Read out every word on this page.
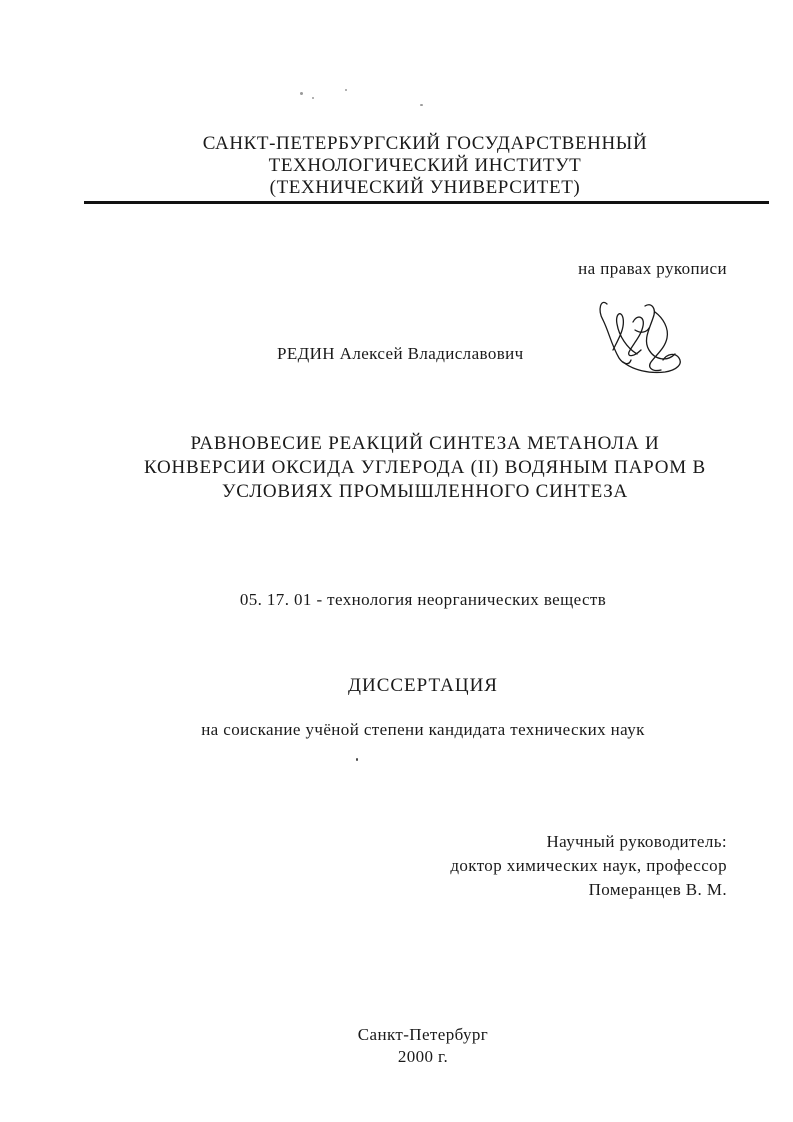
САНКТ-ПЕТЕРБУРГСКИЙ ГОСУДАРСТВЕННЫЙ
ТЕХНОЛОГИЧЕСКИЙ ИНСТИТУТ
(ТЕХНИЧЕСКИЙ УНИВЕРСИТЕТ)
на правах рукописи
РЕДИН Алексей Владиславович
РАВНОВЕСИЕ РЕАКЦИЙ СИНТЕЗА МЕТАНОЛА И
КОНВЕРСИИ ОКСИДА УГЛЕРОДА (II) ВОДЯНЫМ ПАРОМ В
УСЛОВИЯХ ПРОМЫШЛЕННОГО СИНТЕЗА
05. 17. 01 - технология неорганических веществ
ДИССЕРТАЦИЯ
на соискание учёной степени кандидата технических наук
Научный руководитель:
доктор химических наук, профессор
Померанцев В. М.
Санкт-Петербург
2000 г.
